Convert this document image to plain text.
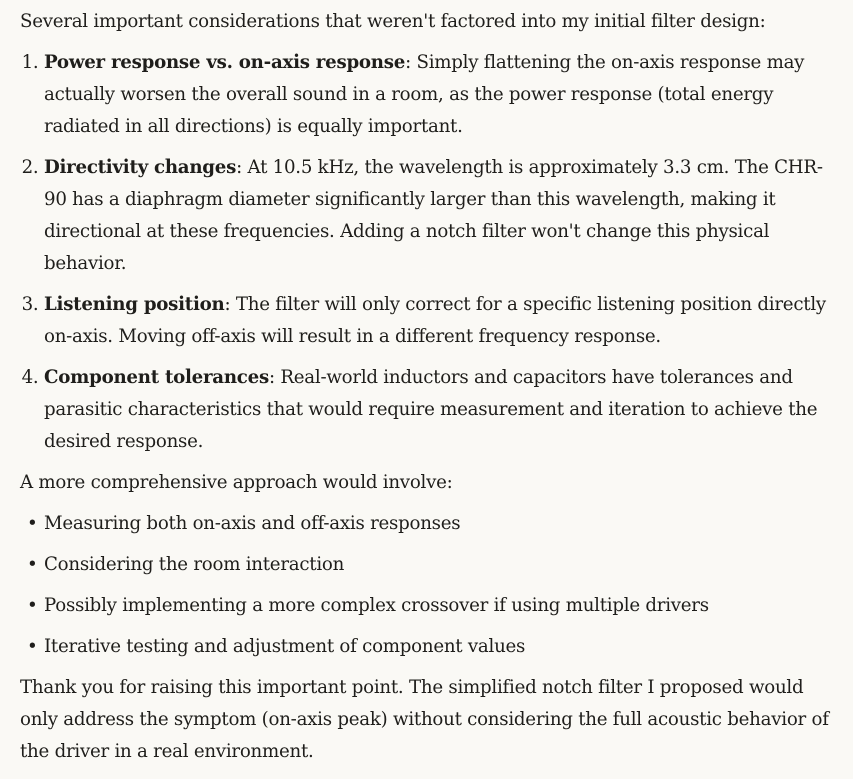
Several important considerations that weren't factored into my initial filter design:

1. Power response vs. on-axis response: Simply flattening the on-axis response may actually worsen the overall sound in a room, as the power response (total energy radiated in all directions) is equally important.
2. Directivity changes: At 10.5 kHz, the wavelength is approximately 3.3 cm. The CHR-90 has a diaphragm diameter significantly larger than this wavelength, making it directional at these frequencies. Adding a notch filter won't change this physical behavior.
3. Listening position: The filter will only correct for a specific listening position directly on-axis. Moving off-axis will result in a different frequency response.
4. Component tolerances: Real-world inductors and capacitors have tolerances and parasitic characteristics that would require measurement and iteration to achieve the desired response.

A more comprehensive approach would involve:

• Measuring both on-axis and off-axis responses
• Considering the room interaction
• Possibly implementing a more complex crossover if using multiple drivers
• Iterative testing and adjustment of component values

Thank you for raising this important point. The simplified notch filter I proposed would only address the symptom (on-axis peak) without considering the full acoustic behavior of the driver in a real environment.
